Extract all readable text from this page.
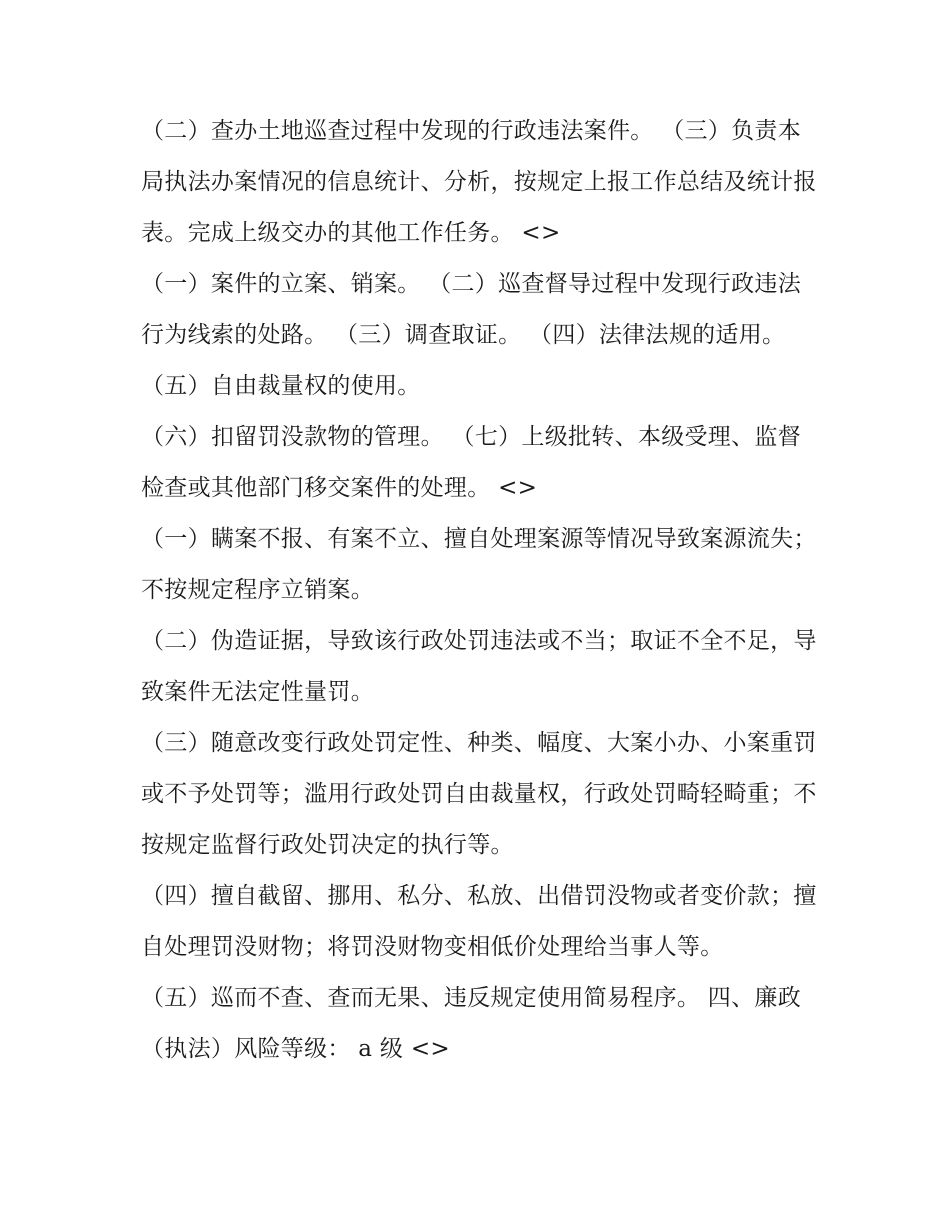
（二）查办土地巡查过程中发现的行政违法案件。 （三）负责本局执法办案情况的信息统计、分析，按规定上报工作总结及统计报表。完成上级交办的其他工作任务。 <>

（一）案件的立案、销案。 （二）巡查督导过程中发现行政违法行为线索的处路。 （三）调查取证。 （四）法律法规的适用。 （五）自由裁量权的使用。

（六）扣留罚没款物的管理。 （七）上级批转、本级受理、监督检查或其他部门移交案件的处理。 <>

（一）瞒案不报、有案不立、擅自处理案源等情况导致案源流失；不按规定程序立销案。

（二）伪造证据，导致该行政处罚违法或不当；取证不全不足，导致案件无法定性量罚。

（三）随意改变行政处罚定性、种类、幅度、大案小办、小案重罚或不予处罚等；滥用行政处罚自由裁量权，行政处罚畸轻畸重；不按规定监督行政处罚决定的执行等。

（四）擅自截留、挪用、私分、私放、出借罚没物或者变价款；擅自处理罚没财物；将罚没财物变相低价处理给当事人等。

（五）巡而不查、查而无果、违反规定使用简易程序。 四、廉政（执法）风险等级： a 级 <>
